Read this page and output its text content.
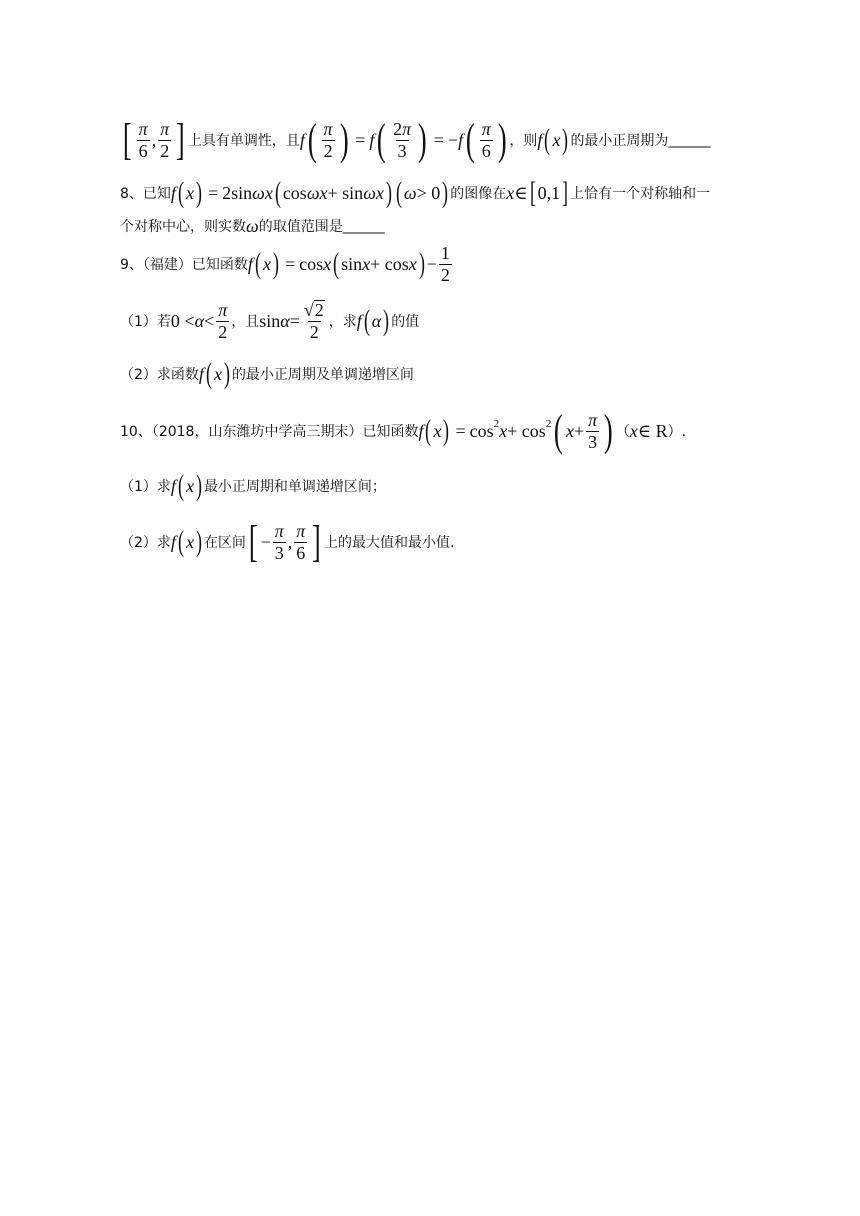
[ $\frac{\pi}{6}$ , $\frac{\pi}{2}$ ] 上具有单调性，且 f ( $\frac{\pi}{2}$ ) = f ( $\frac{2\pi}{3}$ ) = − f ( $\frac{\pi}{6}$ ) ，则 f ( x ) 的最小正周期为 ______
8、已知 f ( x ) = 2sin ωx ( cos ωx + sin ωx ) ( ω > 0 ) 的图像在 x ∈ [ 0,1 ] 上恰有一个对称轴和一
个对称中心，则实数 ω 的取值范围是 ______
9、（福建）已知函数 f ( x ) = cos x ( sin x + cos x ) − $\frac{1}{2}$
（1）若 $0 < \alpha < \frac{\pi}{2}$ ，且 $\sin \alpha = \frac{√ 2}{2}$ ，求 f ( α ) 的值
（2）求函数 f ( x ) 的最小正周期及单调递增区间
10、（2018，山东潍坊中学高三期末）已知函数 f ( x ) = $\cos^2 x + \cos^2$ ( $x + \frac{\pi}{3}$ ) （ x ∈ R ）.
（1）求 f ( x ) 最小正周期和单调递增区间；
（2）求 f ( x ) 在区间 [ − $\frac{\pi}{3}$ , $\frac{\pi}{6}$ ] 上的最大值和最小值.
